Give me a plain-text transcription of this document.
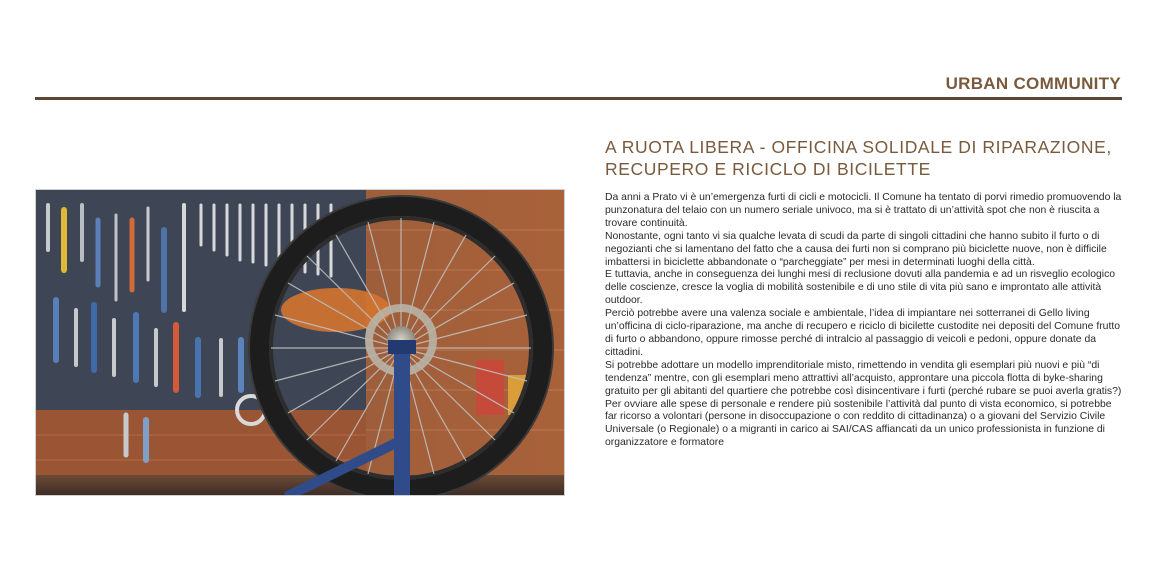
URBAN COMMUNITY
A RUOTA LIBERA - OFFICINA SOLIDALE DI RIPARAZIONE, RECUPERO E RICICLO DI BICILETTE

Da anni a Prato vi è un’emergenza furti di cicli e motocicli. Il Comune ha tentato di porvi rimedio promuovendo la punzonatura del telaio con un numero seriale univoco, ma si è trattato di un’attività spot che non è riuscita a trovare continuità.

Nonostante, ogni tanto vi sia qualche levata di scudi da parte di singoli cittadini che hanno subito il furto o di negozianti che si lamentano del fatto che a causa dei furti non si comprano più biciclette nuove, non è difficile imbattersi in biciclette abbandonate o “parcheggiate” per mesi in determinati luoghi della città.

E tuttavia, anche in conseguenza dei lunghi mesi di reclusione dovuti alla pandemia e ad un risveglio ecologico delle coscienze, cresce la voglia di mobilità sostenibile e di uno stile di vita più sano e improntato alle attività outdoor.

Perciò potrebbe avere una valenza sociale e ambientale, l’idea di impiantare nei sotterranei di Gello living un’officina di ciclo-riparazione, ma anche di recupero e riciclo di bicilette custodite nei depositi del Comune frutto di furto o abbandono, oppure rimosse perché di intralcio al passaggio di veicoli e pedoni, oppure donate da cittadini.

Si potrebbe adottare un modello imprenditoriale misto, rimettendo in vendita gli esemplari più nuovi e più “di tendenza” mentre, con gli esemplari meno attrattivi all’acquisto, approntare una piccola flotta di byke-sharing gratuito per gli abitanti del quartiere che potrebbe così disincentivare i furti (perché rubare se puoi averla gratis?)

Per ovviare alle spese di personale e rendere più sostenibile l’attività dal punto di vista economico, si potrebbe far ricorso a volontari (persone in disoccupazione o con reddito di cittadinanza) o a giovani del Servizio Civile Universale (o Regionale) o a migranti in carico ai SAI/CAS affiancati da un unico professionista in funzione di organizzatore e formatore
